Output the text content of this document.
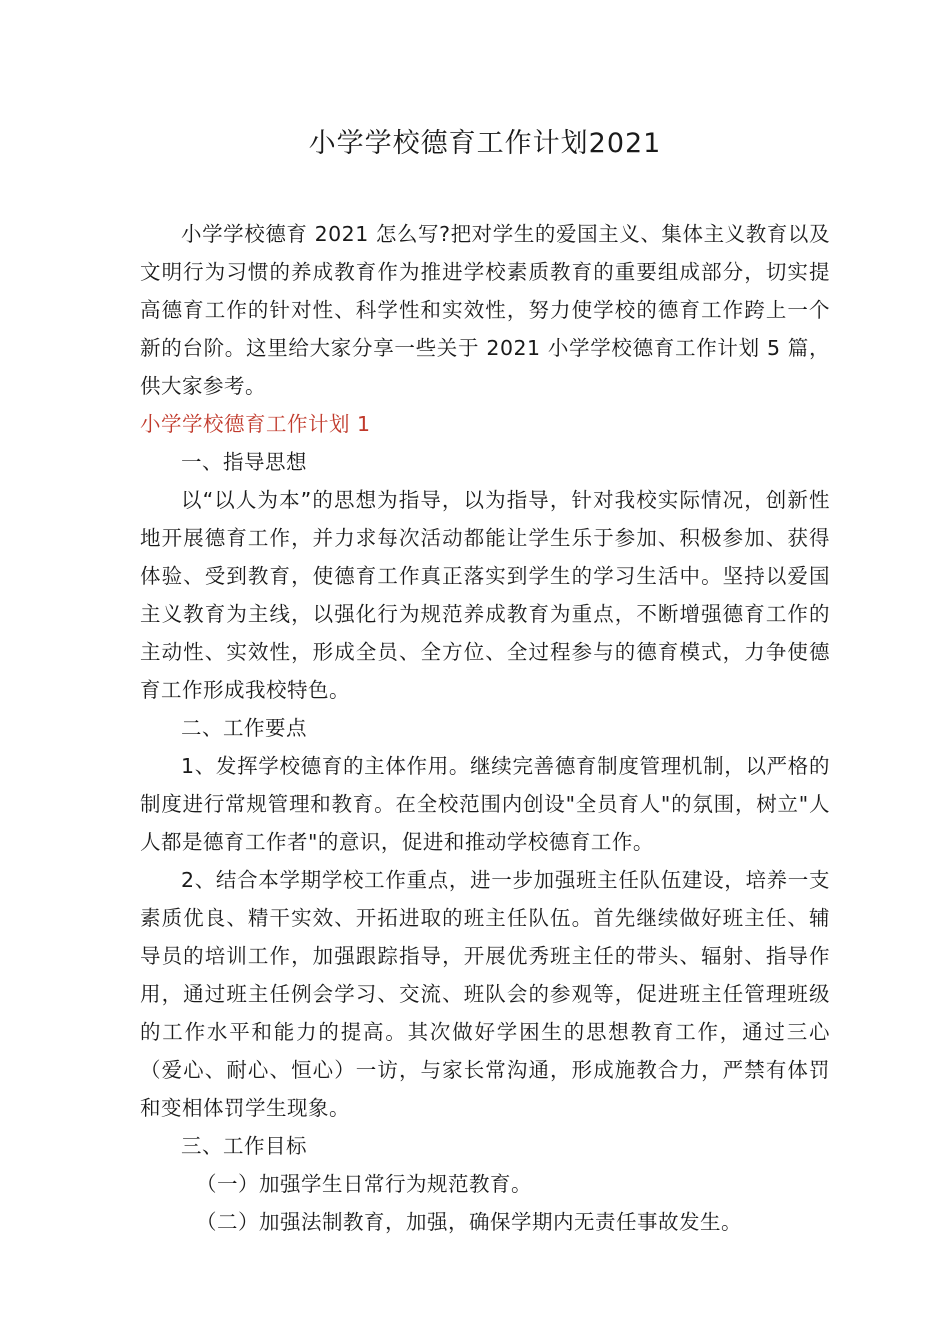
小学学校德育工作计划2021

小学学校德育 2021 怎么写?把对学生的爱国主义、集体主义教育以及文明行为习惯的养成教育作为推进学校素质教育的重要组成部分，切实提高德育工作的针对性、科学性和实效性，努力使学校的德育工作跨上一个新的台阶。这里给大家分享一些关于 2021 小学学校德育工作计划 5 篇，供大家参考。

小学学校德育工作计划 1

一、指导思想

以“以人为本”的思想为指导，以为指导，针对我校实际情况，创新性地开展德育工作，并力求每次活动都能让学生乐于参加、积极参加、获得体验、受到教育，使德育工作真正落实到学生的学习生活中。坚持以爱国主义教育为主线，以强化行为规范养成教育为重点，不断增强德育工作的主动性、实效性，形成全员、全方位、全过程参与的德育模式，力争使德育工作形成我校特色。

二、工作要点

1、发挥学校德育的主体作用。继续完善德育制度管理机制，以严格的制度进行常规管理和教育。在全校范围内创设"全员育人"的氛围，树立"人人都是德育工作者"的意识，促进和推动学校德育工作。

2、结合本学期学校工作重点，进一步加强班主任队伍建设，培养一支素质优良、精干实效、开拓进取的班主任队伍。首先继续做好班主任、辅导员的培训工作，加强跟踪指导，开展优秀班主任的带头、辐射、指导作用，通过班主任例会学习、交流、班队会的参观等，促进班主任管理班级的工作水平和能力的提高。其次做好学困生的思想教育工作，通过三心（爱心、耐心、恒心）一访，与家长常沟通，形成施教合力，严禁有体罚和变相体罚学生现象。

三、工作目标

（一）加强学生日常行为规范教育。

（二）加强法制教育，加强，确保学期内无责任事故发生。
